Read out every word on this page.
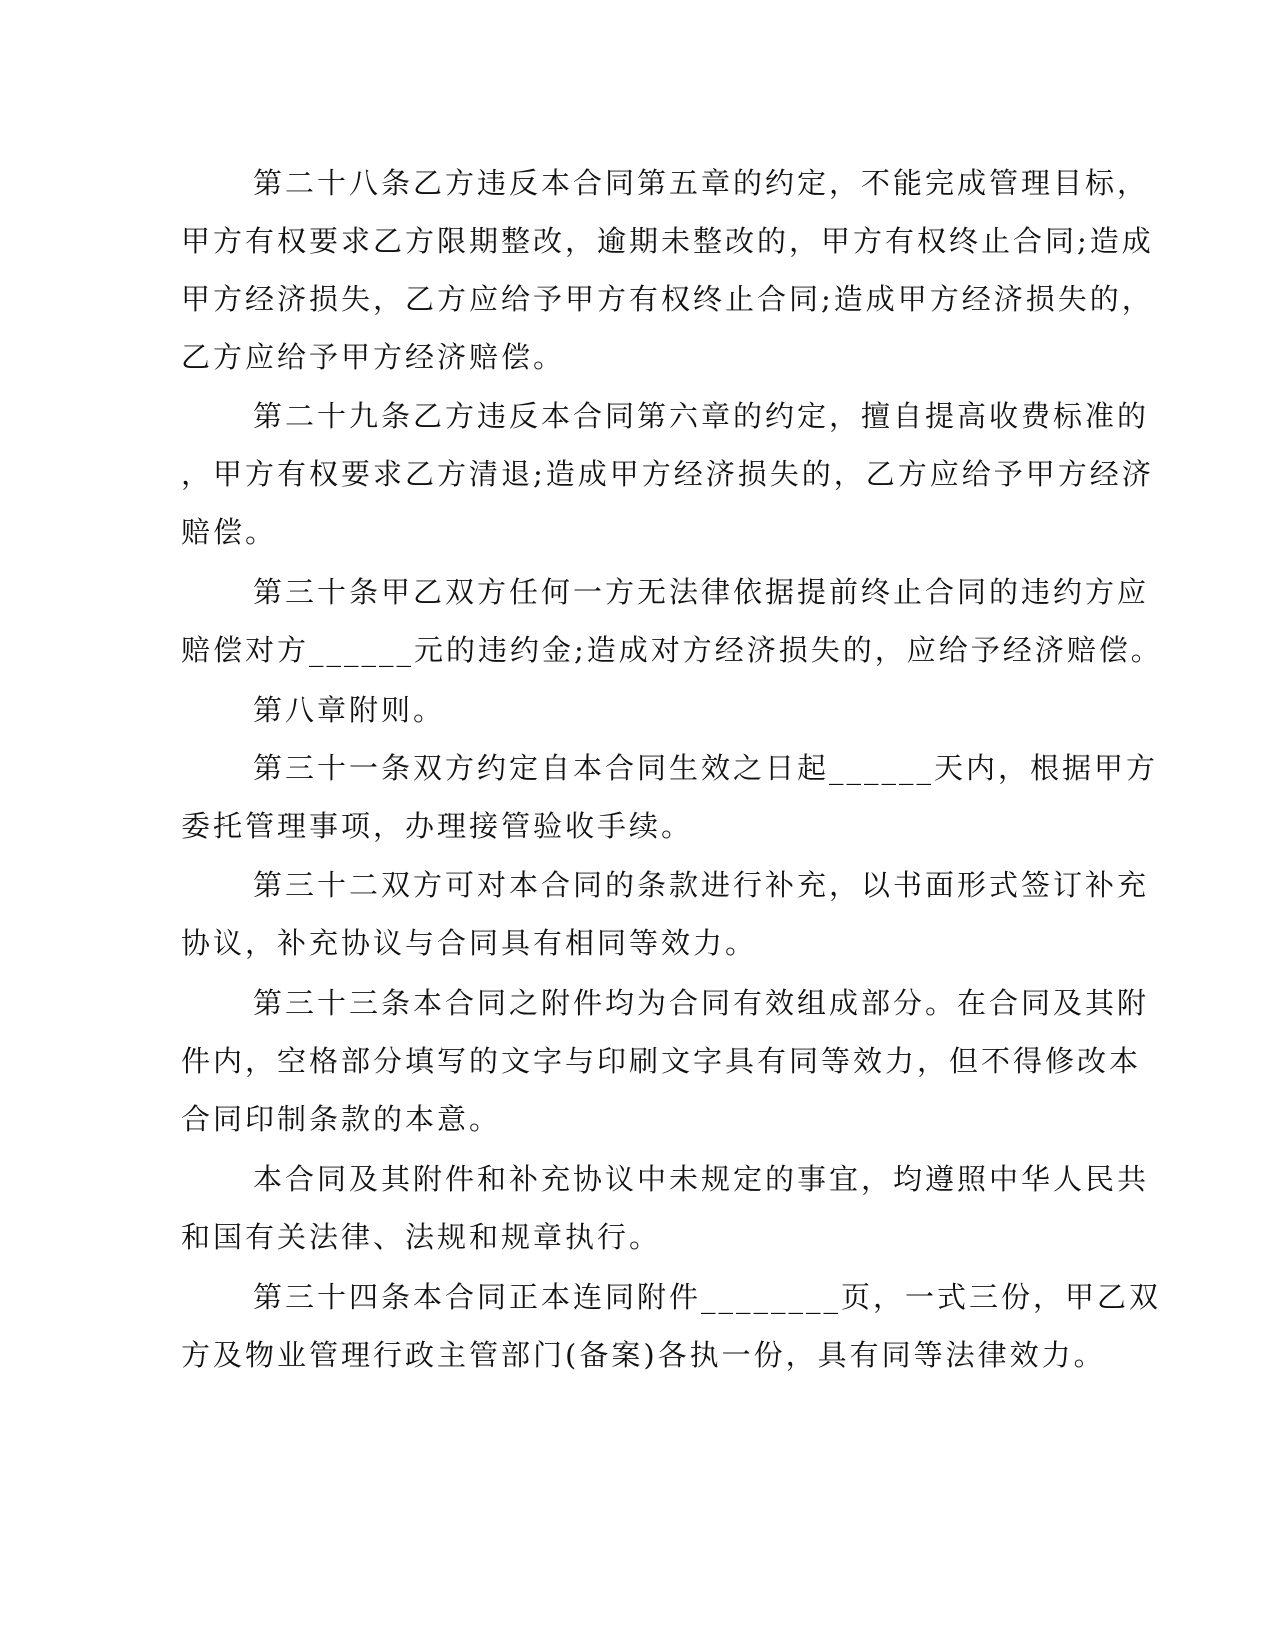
第二十八条乙方违反本合同第五章的约定，不能完成管理目标，
甲方有权要求乙方限期整改，逾期未整改的，甲方有权终止合同;造成
甲方经济损失，乙方应给予甲方有权终止合同;造成甲方经济损失的，
乙方应给予甲方经济赔偿。
第二十九条乙方违反本合同第六章的约定，擅自提高收费标准的
，甲方有权要求乙方清退;造成甲方经济损失的，乙方应给予甲方经济
赔偿。
第三十条甲乙双方任何一方无法律依据提前终止合同的违约方应
赔偿对方______元的违约金;造成对方经济损失的，应给予经济赔偿。
第八章附则。
第三十一条双方约定自本合同生效之日起______天内，根据甲方
委托管理事项，办理接管验收手续。
第三十二双方可对本合同的条款进行补充，以书面形式签订补充
协议，补充协议与合同具有相同等效力。
第三十三条本合同之附件均为合同有效组成部分。在合同及其附
件内，空格部分填写的文字与印刷文字具有同等效力，但不得修改本
合同印制条款的本意。
本合同及其附件和补充协议中未规定的事宜，均遵照中华人民共
和国有关法律、法规和规章执行。
第三十四条本合同正本连同附件________页，一式三份，甲乙双
方及物业管理行政主管部门(备案)各执一份，具有同等法律效力。
